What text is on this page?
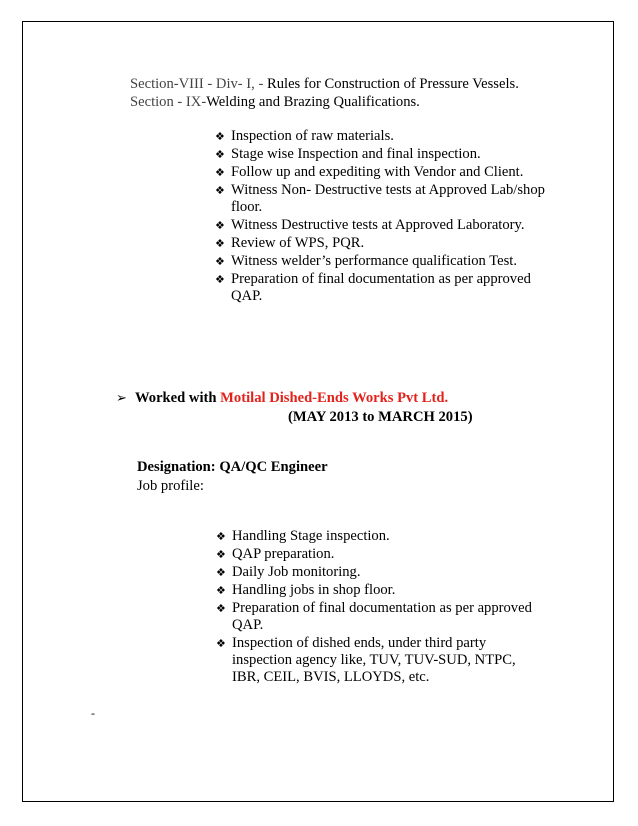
Section-VIII - Div- I, - Rules for Construction of Pressure Vessels.
Section - IX-Welding and Brazing Qualifications.
❖ Inspection of raw materials.
❖ Stage wise Inspection and final inspection.
❖ Follow up and expediting with Vendor and Client.
❖ Witness Non- Destructive tests at Approved Lab/shop floor.
❖ Witness Destructive tests at Approved Laboratory.
❖ Review of WPS, PQR.
❖ Witness welder’s performance qualification Test.
❖ Preparation of final documentation as per approved QAP.
➢ Worked with Motilal Dished-Ends Works Pvt Ltd.
(MAY 2013 to MARCH 2015)
Designation: QA/QC Engineer
Job profile:
❖ Handling Stage inspection.
❖ QAP preparation.
❖ Daily Job monitoring.
❖ Handling jobs in shop floor.
❖ Preparation of final documentation as per approved QAP.
❖ Inspection of dished ends, under third party inspection agency like, TUV, TUV-SUD, NTPC, IBR, CEIL, BVIS, LLOYDS, etc.
-
